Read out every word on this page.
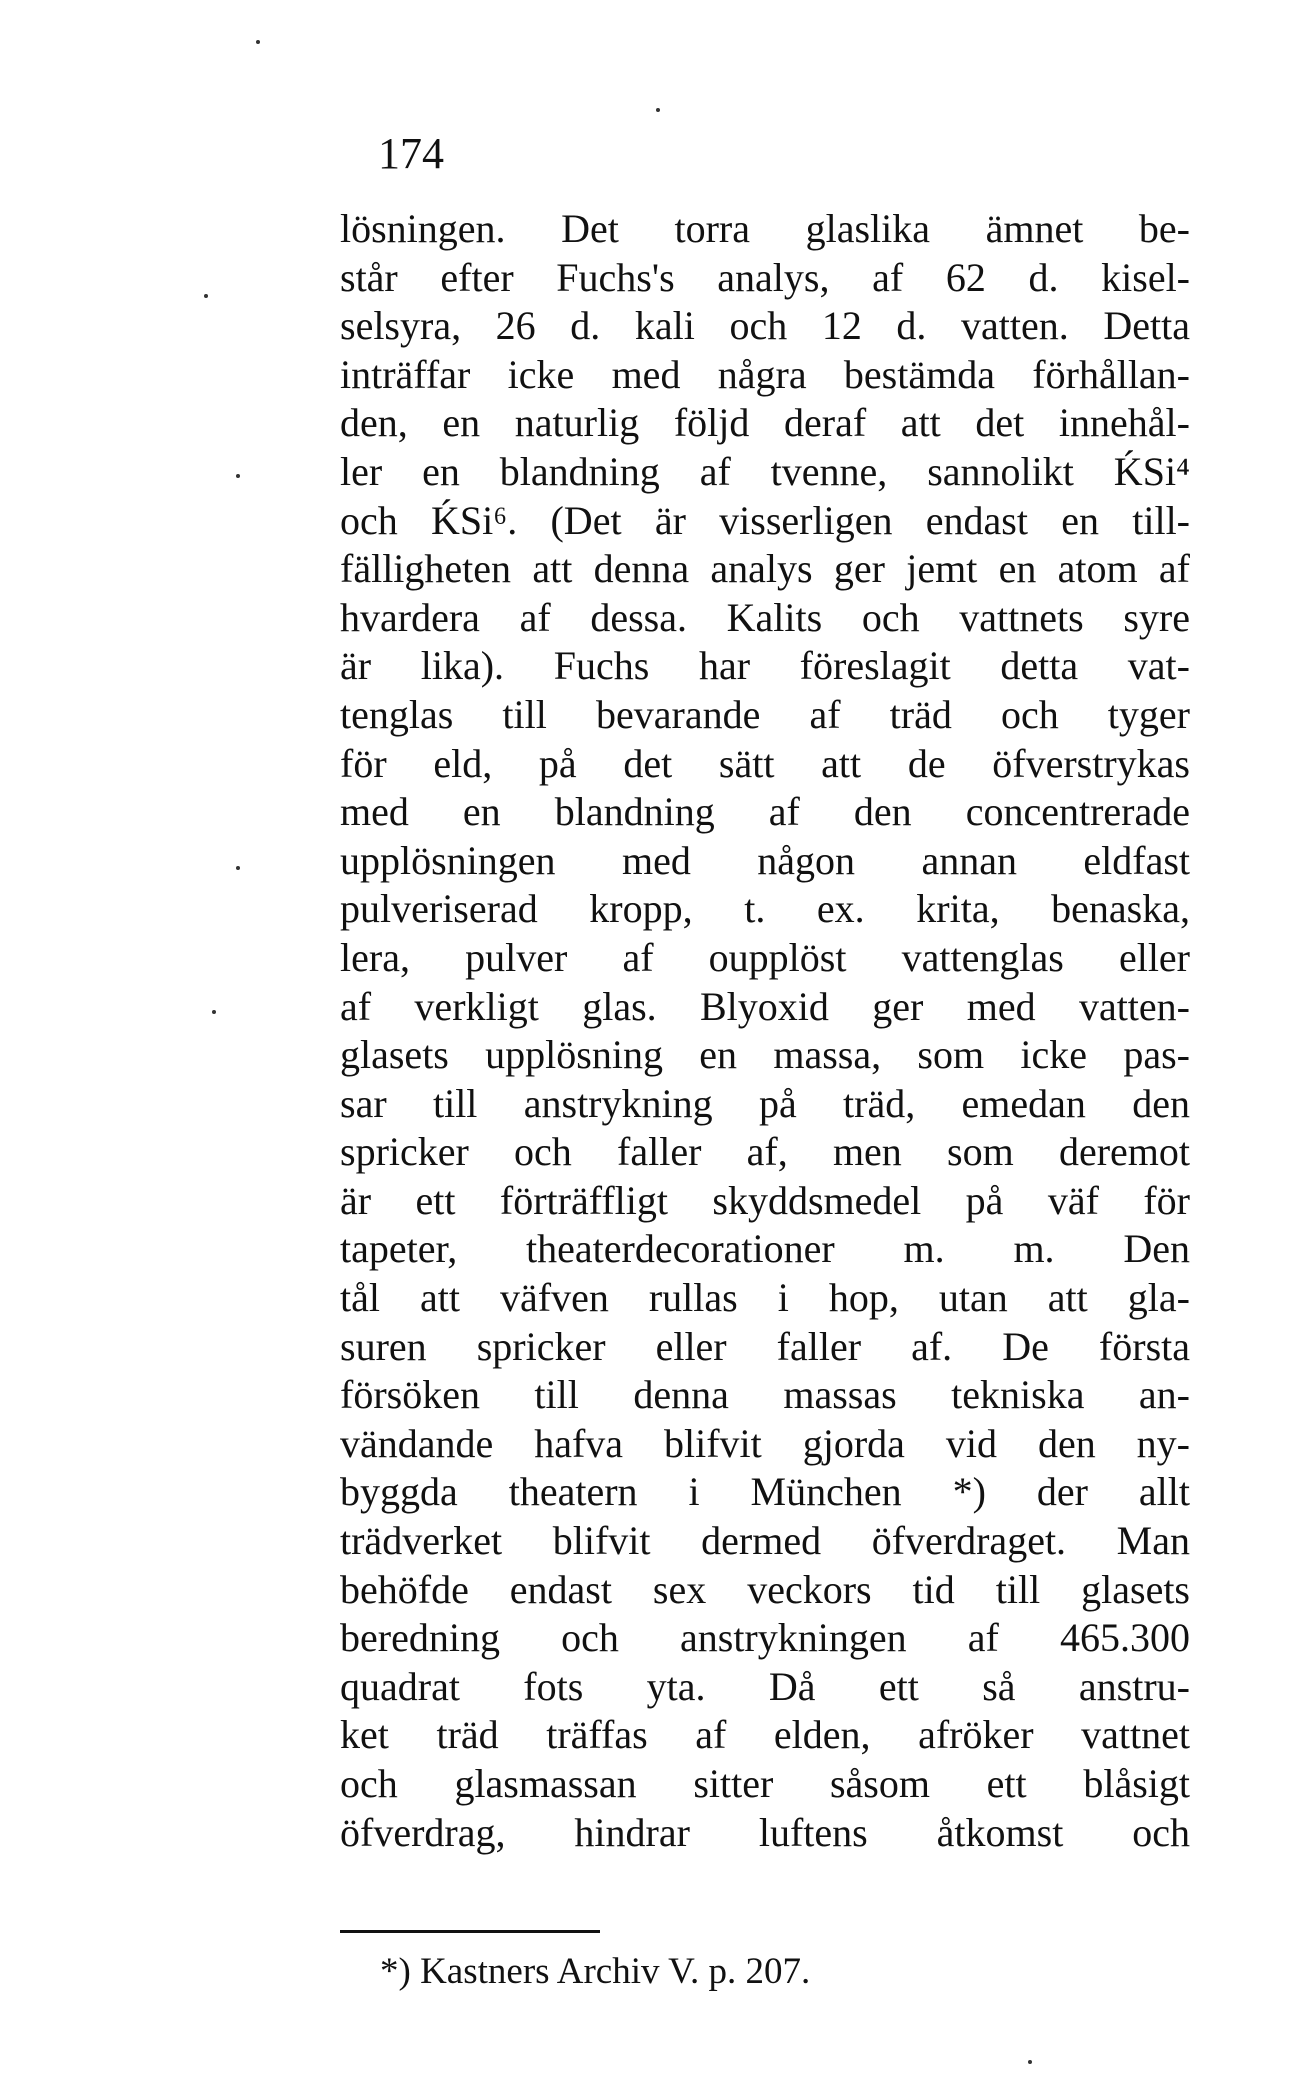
174
lösningen. Det torra glaslika ämnet be-
står efter Fuchs's analys, af 62 d. kisel-
selsyra, 26 d. kali och 12 d. vatten. Detta
inträffar icke med några bestämda förhållan-
den, en naturlig följd deraf att det innehål-
ler en blandning af tvenne, sannolikt ḰSi⁴
och ḰSi⁶. (Det är visserligen endast en till-
fälligheten att denna analys ger jemt en atom af
hvardera af dessa. Kalits och vattnets syre
är lika). Fuchs har föreslagit detta vat-
tenglas till bevarande af träd och tyger
för eld, på det sätt att de öfverstrykas
med en blandning af den concentrerade
upplösningen med någon annan eldfast
pulveriserad kropp, t. ex. krita, benaska,
lera, pulver af oupplöst vattenglas eller
af verkligt glas. Blyoxid ger med vatten-
glasets upplösning en massa, som icke pas-
sar till anstrykning på träd, emedan den
spricker och faller af, men som deremot
är ett förträffligt skyddsmedel på väf för
tapeter, theaterdecorationer m. m. Den
tål att väfven rullas i hop, utan att gla-
suren spricker eller faller af. De första
försöken till denna massas tekniska an-
vändande hafva blifvit gjorda vid den ny-
byggda theatern i München *) der allt
trädverket blifvit dermed öfverdraget. Man
behöfde endast sex veckors tid till glasets
beredning och anstrykningen af 465.300
quadrat fots yta. Då ett så anstru-
ket träd träffas af elden, afröker vattnet
och glasmassan sitter såsom ett blåsigt
öfverdrag, hindrar luftens åtkomst och
*) Kastners Archiv V. p. 207.
